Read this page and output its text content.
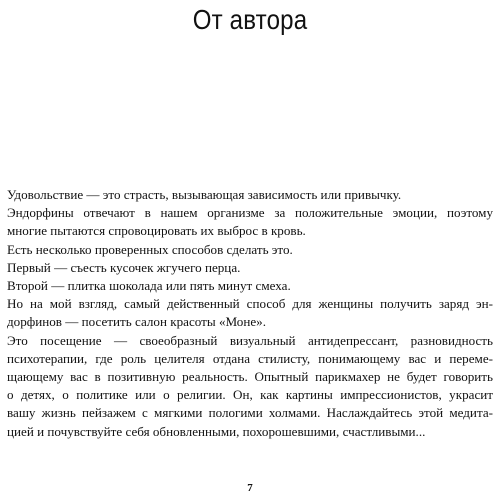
От автора
Удовольствие — это страсть, вызывающая зависимость или привычку.
Эндорфины отвечают в нашем организме за положительные эмоции, поэтому
многие пытаются спровоцировать их выброс в кровь.
Есть несколько проверенных способов сделать это.
Первый — съесть кусочек жгучего перца.
Второй — плитка шоколада или пять минут смеха.
Но на мой взгляд, самый действенный способ для женщины получить заряд эн-
дорфинов — посетить салон красоты «Моне».
Это посещение — своеобразный визуальный антидепрессант, разновидность
психотерапии, где роль целителя отдана стилисту, понимающему вас и переме-
щающему вас в позитивную реальность. Опытный парикмахер не будет говорить
о детях, о политике или о религии. Он, как картины импрессионистов, украсит
вашу жизнь пейзажем с мягкими пологими холмами. Наслаждайтесь этой медита-
цией и почувствуйте себя обновленными, похорошевшими, счастливыми...
7
